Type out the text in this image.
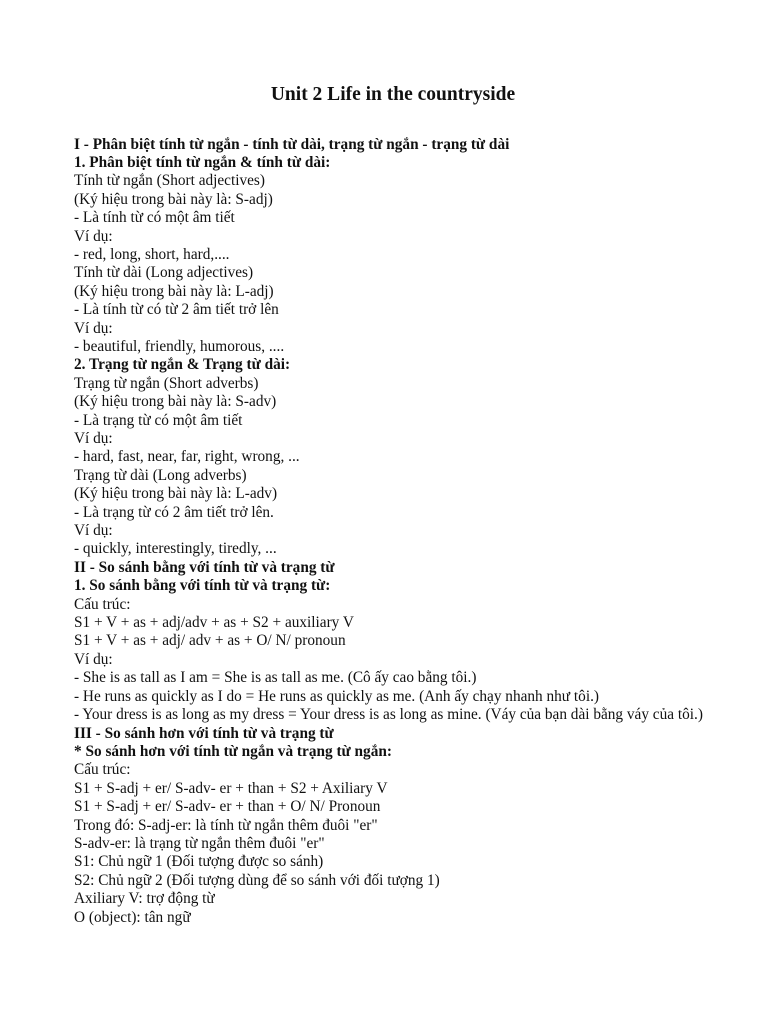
Unit 2 Life in the countryside

I - Phân biệt tính từ ngắn - tính từ dài, trạng từ ngắn - trạng từ dài

1. Phân biệt tính từ ngắn & tính từ dài:

Tính từ ngắn (Short adjectives)

(Ký hiệu trong bài này là: S-adj)

- Là tính từ có một âm tiết

Ví dụ:

- red, long, short, hard,....

Tính từ dài (Long adjectives)

(Ký hiệu trong bài này là: L-adj)

- Là tính từ có từ 2 âm tiết trở lên

Ví dụ:

- beautiful, friendly, humorous, ....

2. Trạng từ ngắn & Trạng từ dài:

Trạng từ ngắn (Short adverbs)

(Ký hiệu trong bài này là: S-adv)

- Là trạng từ có một âm tiết

Ví dụ:

- hard, fast, near, far, right, wrong, ...

Trạng từ dài (Long adverbs)

(Ký hiệu trong bài này là: L-adv)

- Là trạng từ có 2 âm tiết trở lên.

Ví dụ:

- quickly, interestingly, tiredly, ...

II - So sánh bằng với tính từ và trạng từ

1. So sánh bằng với tính từ và trạng từ:

Cấu trúc:

S1 + V + as + adj/adv + as + S2 + auxiliary V

S1 + V + as + adj/ adv + as + O/ N/ pronoun

Ví dụ:

- She is as tall as I am = She is as tall as me. (Cô ấy cao bằng tôi.)

- He runs as quickly as I do = He runs as quickly as me. (Anh ấy chạy nhanh như tôi.)

- Your dress is as long as my dress = Your dress is as long as mine. (Váy của bạn dài bằng váy của tôi.)

III - So sánh hơn với tính từ và trạng từ

* So sánh hơn với tính từ ngắn và trạng từ ngắn:

Cấu trúc:

S1 + S-adj + er/ S-adv- er + than + S2 + Axiliary V

S1 + S-adj + er/ S-adv- er + than + O/ N/ Pronoun

Trong đó: S-adj-er: là tính từ ngắn thêm đuôi "er"

S-adv-er: là trạng từ ngắn thêm đuôi "er"

S1: Chủ ngữ 1 (Đối tượng được so sánh)

S2: Chủ ngữ 2 (Đối tượng dùng để so sánh với đối tượng 1)

Axiliary V: trợ động từ

O (object): tân ngữ
